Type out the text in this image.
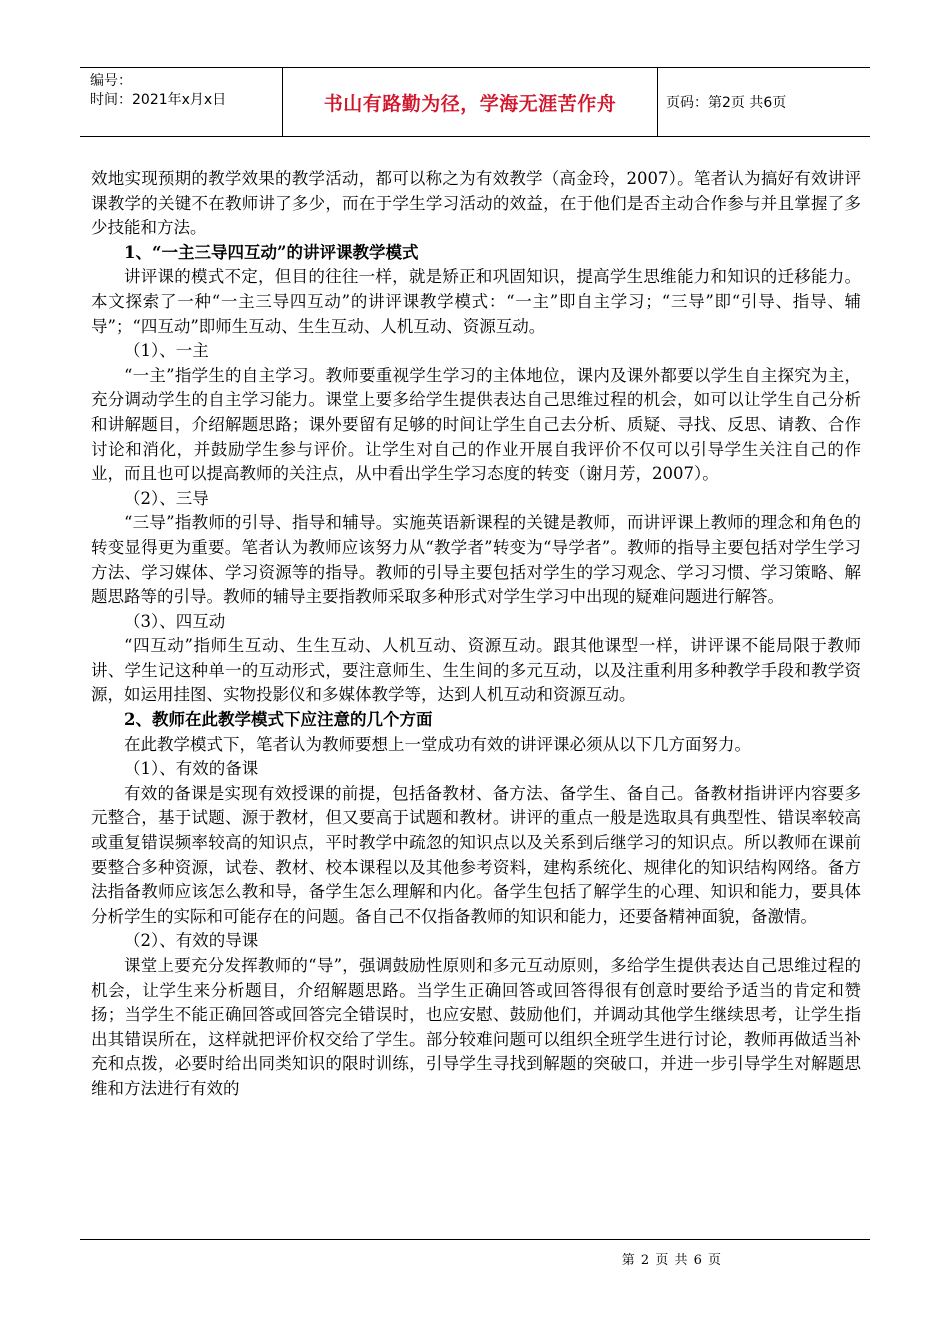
编号：
时间：2021年x月x日	书山有路勤为径，学海无涯苦作舟	页码：第2页 共6页

效地实现预期的教学效果的教学活动，都可以称之为有效教学（高金玲，2007）。笔者认为搞好有效讲评课教学的关键不在教师讲了多少，而在于学生学习活动的效益，在于他们是否主动合作参与并且掌握了多少技能和方法。

1、“一主三导四互动”的讲评课教学模式

讲评课的模式不定，但目的往往一样，就是矫正和巩固知识，提高学生思维能力和知识的迁移能力。本文探索了一种“一主三导四互动”的讲评课教学模式：“一主”即自主学习；“三导”即“引导、指导、辅导”；“四互动”即师生互动、生生互动、人机互动、资源互动。

（1）、一主

“一主”指学生的自主学习。教师要重视学生学习的主体地位，课内及课外都要以学生自主探究为主，充分调动学生的自主学习能力。课堂上要多给学生提供表达自己思维过程的机会，如可以让学生自己分析和讲解题目，介绍解题思路；课外要留有足够的时间让学生自己去分析、质疑、寻找、反思、请教、合作讨论和消化，并鼓励学生参与评价。让学生对自己的作业开展自我评价不仅可以引导学生关注自己的作业，而且也可以提高教师的关注点，从中看出学生学习态度的转变（谢月芳，2007）。

（2）、三导

“三导”指教师的引导、指导和辅导。实施英语新课程的关键是教师，而讲评课上教师的理念和角色的转变显得更为重要。笔者认为教师应该努力从“教学者”转变为“导学者”。教师的指导主要包括对学生学习方法、学习媒体、学习资源等的指导。教师的引导主要包括对学生的学习观念、学习习惯、学习策略、解题思路等的引导。教师的辅导主要指教师采取多种形式对学生学习中出现的疑难问题进行解答。

（3）、四互动

“四互动”指师生互动、生生互动、人机互动、资源互动。跟其他课型一样，讲评课不能局限于教师讲、学生记这种单一的互动形式，要注意师生、生生间的多元互动，以及注重利用多种教学手段和教学资源，如运用挂图、实物投影仪和多媒体教学等，达到人机互动和资源互动。

2、教师在此教学模式下应注意的几个方面

在此教学模式下，笔者认为教师要想上一堂成功有效的讲评课必须从以下几方面努力。

（1）、有效的备课

有效的备课是实现有效授课的前提，包括备教材、备方法、备学生、备自己。备教材指讲评内容要多元整合，基于试题、源于教材，但又要高于试题和教材。讲评的重点一般是选取具有典型性、错误率较高或重复错误频率较高的知识点，平时教学中疏忽的知识点以及关系到后继学习的知识点。所以教师在课前要整合多种资源，试卷、教材、校本课程以及其他参考资料，建构系统化、规律化的知识结构网络。备方法指备教师应该怎么教和导，备学生怎么理解和内化。备学生包括了解学生的心理、知识和能力，要具体分析学生的实际和可能存在的问题。备自己不仅指备教师的知识和能力，还要备精神面貌，备激情。

（2）、有效的导课

课堂上要充分发挥教师的“导”，强调鼓励性原则和多元互动原则，多给学生提供表达自己思维过程的机会，让学生来分析题目，介绍解题思路。当学生正确回答或回答得很有创意时要给予适当的肯定和赞扬；当学生不能正确回答或回答完全错误时，也应安慰、鼓励他们，并调动其他学生继续思考，让学生指出其错误所在，这样就把评价权交给了学生。部分较难问题可以组织全班学生进行讨论，教师再做适当补充和点拨，必要时给出同类知识的限时训练，引导学生寻找到解题的突破口，并进一步引导学生对解题思维和方法进行有效的

第 2 页 共 6 页
